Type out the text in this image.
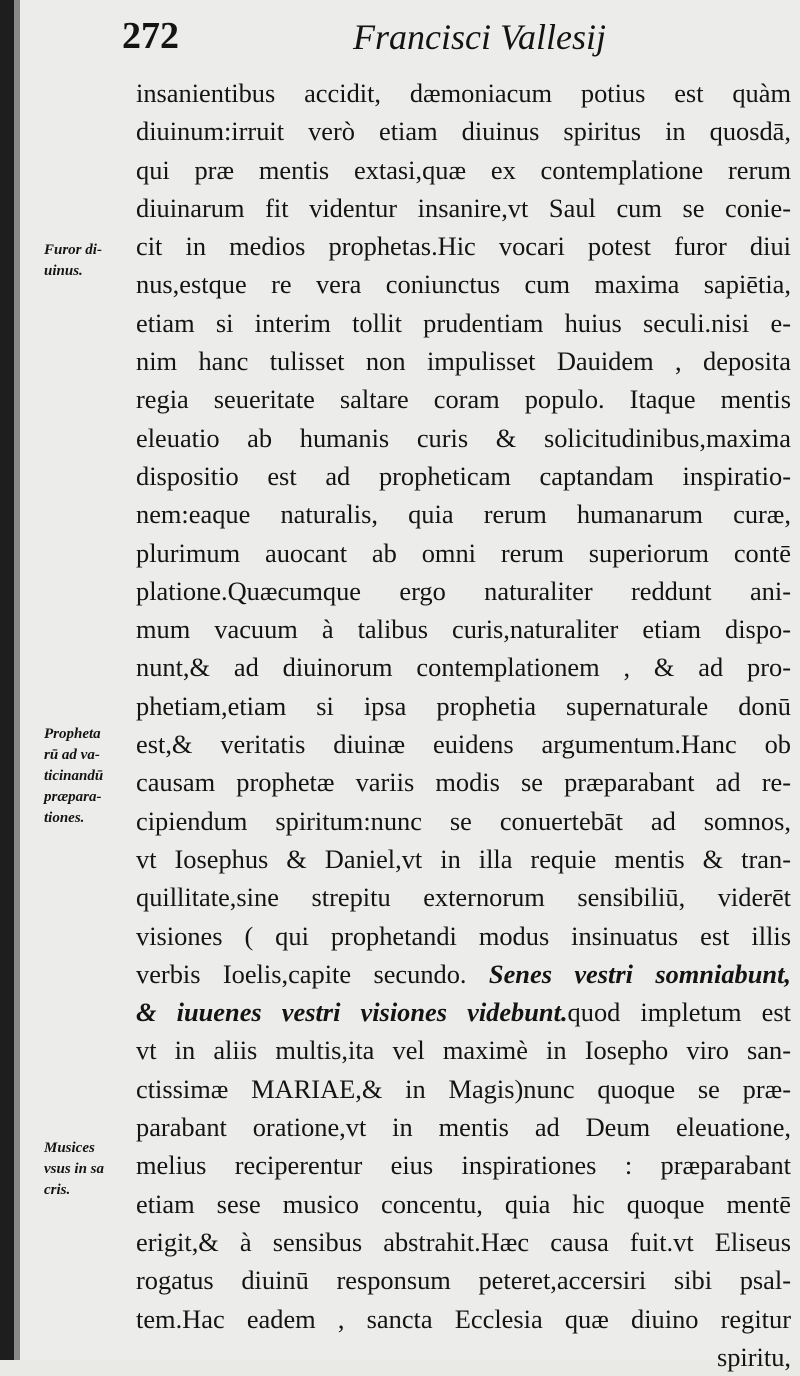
272	Francisci Vallesij
Furor di-
uinus.
Propheta
rū ad va-
ticinandū
præpara-
tiones.
Musices
vsus in sa
cris.
insanientibus accidit, dæmoniacum potius est quàm
diuinum:irruit verò etiam diuinus spiritus in quosdā,
qui præ mentis extasi,quæ ex contemplatione rerum
diuinarum fit videntur insanire,vt Saul cum se conie-
cit in medios prophetas.Hic vocari potest furor diui
nus,estque re vera coniunctus cum maxima sapiētia,
etiam si interim tollit prudentiam huius seculi.nisi e-
nim hanc tulisset non impulisset Dauidem , deposita
regia seueritate saltare coram populo. Itaque mentis
eleuatio ab humanis curis & solicitudinibus,maxima
dispositio est ad propheticam captandam inspiratio-
nem:eaque naturalis, quia rerum humanarum curæ,
plurimum auocant ab omni rerum superiorum contē
platione.Quæcumque ergo naturaliter reddunt ani-
mum vacuum à talibus curis,naturaliter etiam dispo-
nunt,& ad diuinorum contemplationem , & ad pro-
phetiam,etiam si ipsa prophetia supernaturale donū
est,& veritatis diuinæ euidens argumentum.Hanc ob
causam prophetæ variis modis se præparabant ad re-
cipiendum spiritum:nunc se conuertebāt ad somnos,
vt Iosephus & Daniel,vt in illa requie mentis & tran-
quillitate,sine strepitu externorum sensibiliū, viderēt
visiones ( qui prophetandi modus insinuatus est illis
verbis Ioelis,capite secundo. Senes vestri somniabunt,
& iuuenes vestri visiones videbunt.quod impletum est
vt in aliis multis,ita vel maximè in Iosepho viro san-
ctissimæ MARIAE,& in Magis)nunc quoque se præ-
parabant oratione,vt in mentis ad Deum eleuatione,
melius reciperentur eius inspirationes : præparabant
etiam sese musico concentu, quia hic quoque mentē
erigit,& à sensibus abstrahit.Hæc causa fuit.vt Eliseus
rogatus diuinū responsum peteret,accersiri sibi psal-
tem.Hac eadem , sancta Ecclesia quæ diuino regitur
spiritu,
